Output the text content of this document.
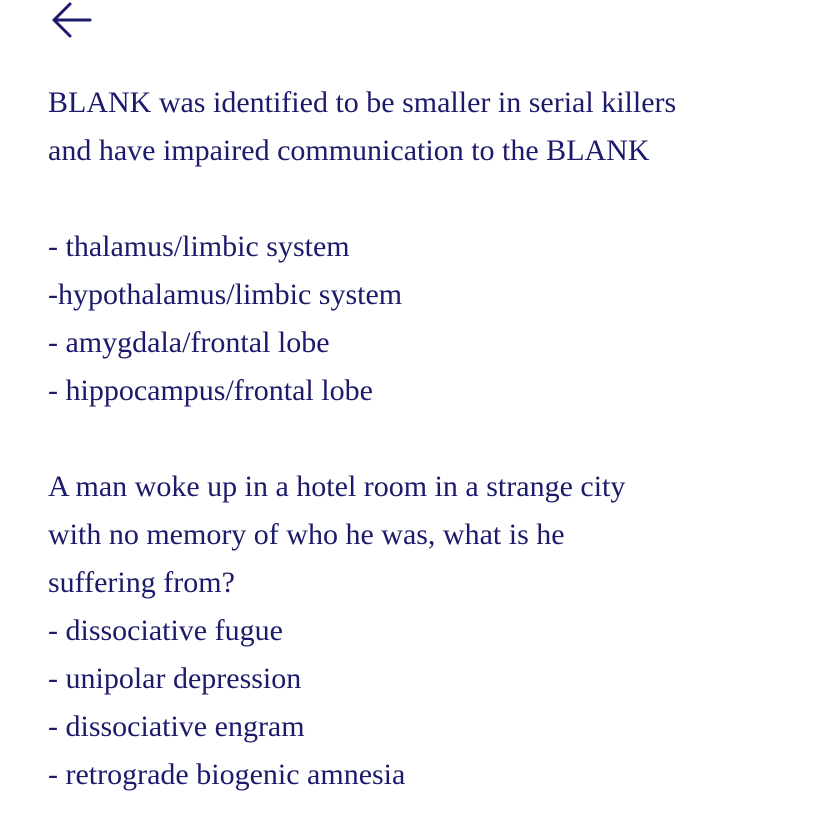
BLANK was identified to be smaller in serial killers
and have impaired communication to the BLANK
- thalamus/limbic system
-hypothalamus/limbic system
- amygdala/frontal lobe
- hippocampus/frontal lobe
A man woke up in a hotel room in a strange city
with no memory of who he was, what is he
suffering from?
- dissociative fugue
- unipolar depression
- dissociative engram
- retrograde biogenic amnesia
